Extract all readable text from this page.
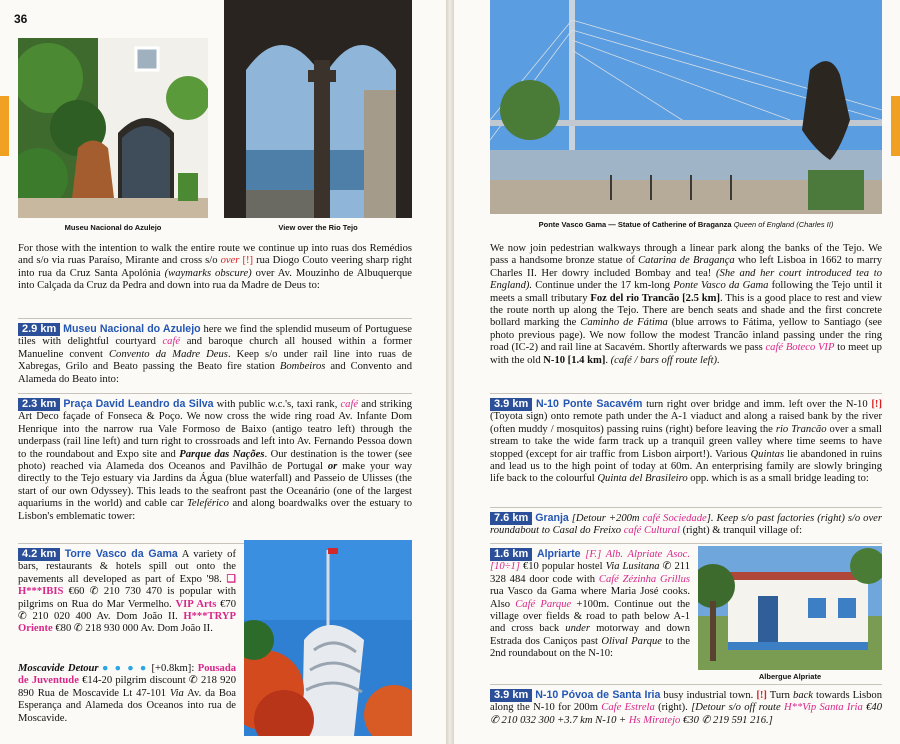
36
Museu Nacional do Azulejo	View over the Rio Tejo

For those with the intention to walk the entire route we continue up into ruas dos Remédios and s/o via ruas Paraíso, Mirante and cross s/o over [!] rua Diogo Couto veering sharp right into rua da Cruz Santa Apolónia (waymarks obscure) over Av. Mouzinho de Albuquerque into Calçada da Cruz da Pedra and down into rua da Madre de Deus to:

2.9 km Museu Nacional do Azulejo here we find the splendid museum of Portuguese tiles with delightful courtyard café and baroque church all housed within a former Manueline convent Convento da Madre Deus. Keep s/o under rail line into ruas de Xabregas, Grilo and Beato passing the Beato fire station Bombeiros and Convento and Alameda do Beato into:

2.3 km Praça David Leandro da Silva with public w.c.'s, taxi rank, café and striking Art Deco façade of Fonseca & Poço. We now cross the wide ring road Av. Infante Dom Henrique into the narrow rua Vale Formoso de Baixo (antigo teatro left) through the underpass (rail line left) and turn right to crossroads and left into Av. Fernando Pessoa down to the roundabout and Expo site and Parque das Nações. Our destination is the tower (see photo) reached via Alameda dos Oceanos and Pavilhão de Portugal or make your way directly to the Tejo estuary via Jardins da Água (blue waterfall) and Passeio de Ulisses (the start of our own Odyssey). This leads to the seafront past the Oceanário (one of the largest aquariums in the world) and cable car Teleférico and along boardwalks over the estuary to Lisbon's emblematic tower:

4.2 km Torre Vasco da Gama A variety of bars, restaurants & hotels spill out onto the pavements all developed as part of Expo '98. ❏ H***IBIS €60 ✆ 210 730 470 is popular with pilgrims on Rua do Mar Vermelho. VIP Arts €70 ✆ 210 020 400 Av. Dom João II. H***TRYP Oriente €80 ✆ 218 930 000 Av. Dom João II.

Moscavide Detour ● ● ● ● [+0.8km]: Pousada de Juventude €14-20 pilgrim discount ✆ 218 920 890 Rua de Moscavide Lt 47-101 Via Av. da Boa Esperança and Alameda dos Oceanos into rua de Moscavide.

Ponte Vasco Gama — Statue of Catherine of Braganza Queen of England (Charles II)

We now join pedestrian walkways through a linear park along the banks of the Tejo. We pass a handsome bronze statue of Catarina de Bragança who left Lisboa in 1662 to marry Charles II. Her dowry included Bombay and tea! (She and her court introduced tea to England). Continue under the 17 km-long Ponte Vasco da Gama following the Tejo until it meets a small tributary Foz del rio Trancão [2.5 km]. This is a good place to rest and view the route north up along the Tejo. There are bench seats and shade and the first concrete bollard marking the Caminho de Fátima (blue arrows to Fátima, yellow to Santiago (see photo previous page). We now follow the modest Trancão inland passing under the ring road (IC-2) and rail line at Sacavém. Shortly afterwards we pass café Boteco VIP to meet up with the old N-10 [1.4 km]. (café / bars off route left).

3.9 km N-10 Ponte Sacavém turn right over bridge and imm. left over the N-10 [!] (Toyota sign) onto remote path under the A-1 viaduct and along a raised bank by the river (often muddy / mosquitos) passing ruins (right) before leaving the rio Trancão over a small stream to take the wide farm track up a tranquil green valley where time seems to have stopped (except for air traffic from Lisbon airport!). Various Quintas lie abandoned in ruins and lead us to the high point of today at 60m. An enterprising family are slowly bringing life back to the colourful Quinta del Brasileiro opp. which is as a small bridge leading to:

7.6 km Granja [Detour +200m café Sociedade]. Keep s/o past factories (right) s/o over roundabout to Casal do Freixo café Cultural (right) & tranquil village of:

1.6 km Alpriarte [F.] Alb. Alpriate Asoc.[10÷1] €10 popular hostel Via Lusitana ✆ 211 328 484 door code with Café Zézinha Grillus rua Vasco da Gama where Maria José cooks. Also Café Parque +100m. Continue out the village over fields & road to path below A-1 and cross back under motorway and down Estrada dos Caniços past Olival Parque to the 2nd roundabout on the N-10:

Albergue Alpriate

3.9 km N-10 Póvoa de Santa Iria busy industrial town. [!] Turn back towards Lisbon along the N-10 for 200m Cafe Estrela (right). [Detour s/o off route H**Vip Santa Iria €40 ✆ 210 032 300 +3.7 km N-10 + Hs Miratejo €30 ✆ 219 591 216.]
